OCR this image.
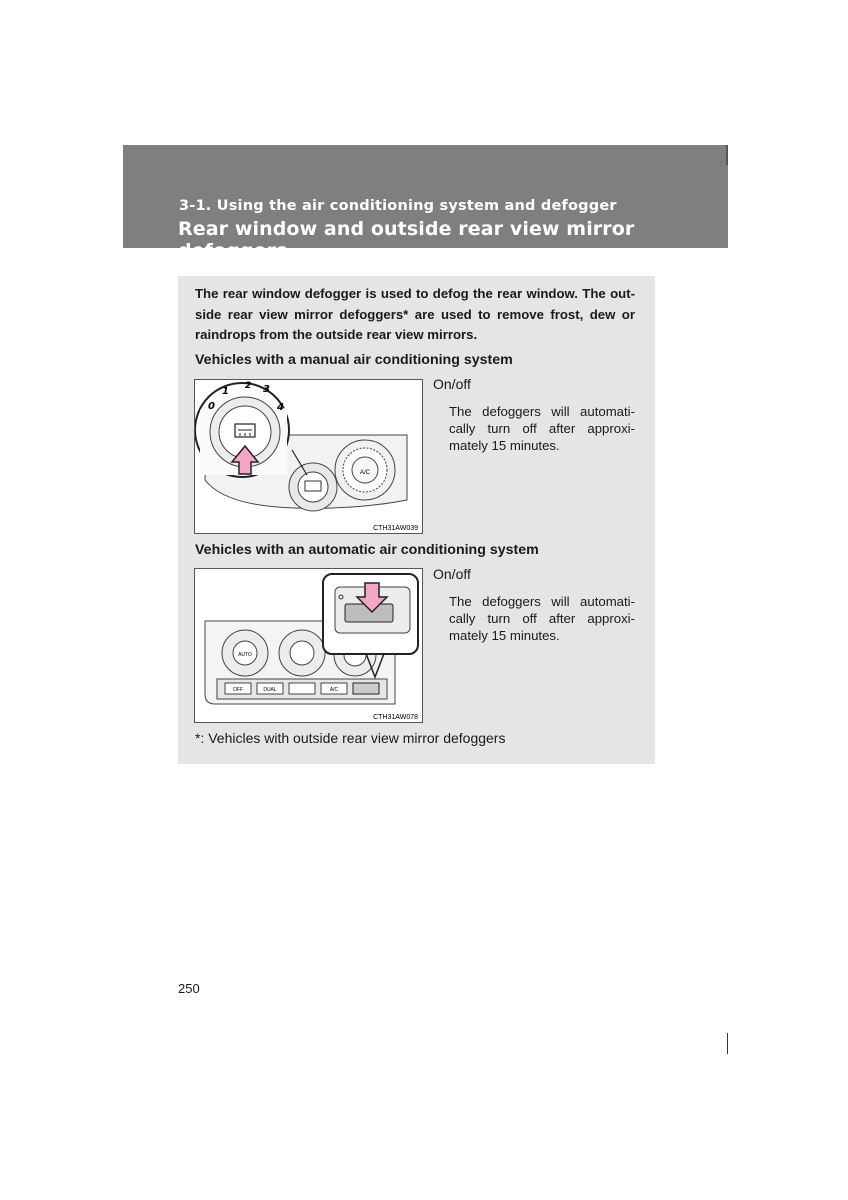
3-1. Using the air conditioning system and defogger
Rear window and outside rear view mirror defoggers
The rear window defogger is used to defog the rear window. The out-side rear view mirror defoggers* are used to remove frost, dew or raindrops from the outside rear view mirrors.
Vehicles with a manual air conditioning system
A/C
0
1 2 3
4
CTH31AW039
On/off
The defoggers will automati-cally turn off after approxi-mately 15 minutes.
Vehicles with an automatic air conditioning system
AUTO
OFF	DUAL	A/C
CTH31AW078
On/off
The defoggers will automati-cally turn off after approxi-mately 15 minutes.
*: Vehicles with outside rear view mirror defoggers
250
